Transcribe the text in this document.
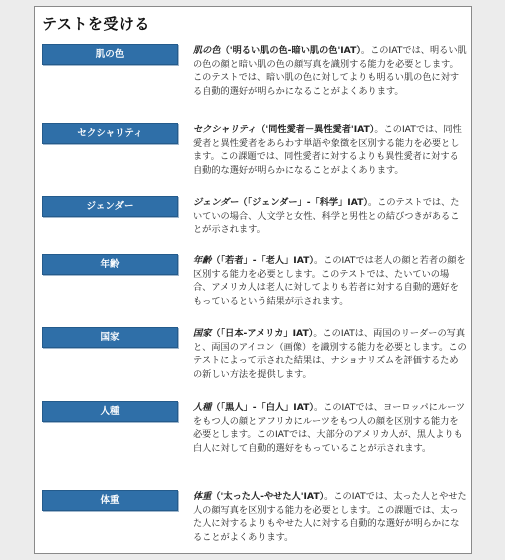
テストを受ける
肌の色	肌の色（'明るい肌の色‐暗い肌の色'IAT）。このIATでは、明るい肌の色の顔と暗い肌の色の顔写真を識別する能力を必要とします。このテストでは、暗い肌の色に対してよりも明るい肌の色に対する自動的選好が明らかになることがよくあります。
セクシャリティ	セクシャリティ（'同性愛者－異性愛者'IAT）。このIATでは、同性愛者と異性愛者をあらわす単語や象徴を区別する能力を必要とします。この課題では、同性愛者に対するよりも異性愛者に対する自動的な選好が明らかになることがよくあります。
ジェンダー	ジェンダー（「ジェンダー」-「科学」IAT）。このテストでは、たいていの場合、人文学と女性、科学と男性との結びつきがあることが示されます。
年齢	年齢（「若者」-「老人」IAT）。このIATでは老人の顔と若者の顔を区別する能力を必要とします。このテストでは、たいていの場合、アメリカ人は老人に対してよりも若者に対する自動的選好をもっているという結果が示されます。
国家	国家（「日本‐アメリカ」IAT）。このIATは、両国のリーダーの写真と、両国のアイコン（画像）を識別する能力を必要とします。このテストによって示された結果は、ナショナリズムを評価するための新しい方法を提供します。
人種	人種（「黒人」-「白人」IAT）。このIATでは、ヨーロッパにルーツをもつ人の顔とアフリカにルーツをもつ人の顔を区別する能力を必要とします。このIATでは、大部分のアメリカ人が、黒人よりも白人に対して自動的選好をもっていることが示されます。
体重	体重（'太った人‐やせた人'IAT）。このIATでは、太った人とやせた人の顔写真を区別する能力を必要とします。この課題では、太った人に対するよりもやせた人に対する自動的な選好が明らかになることがよくあります。
